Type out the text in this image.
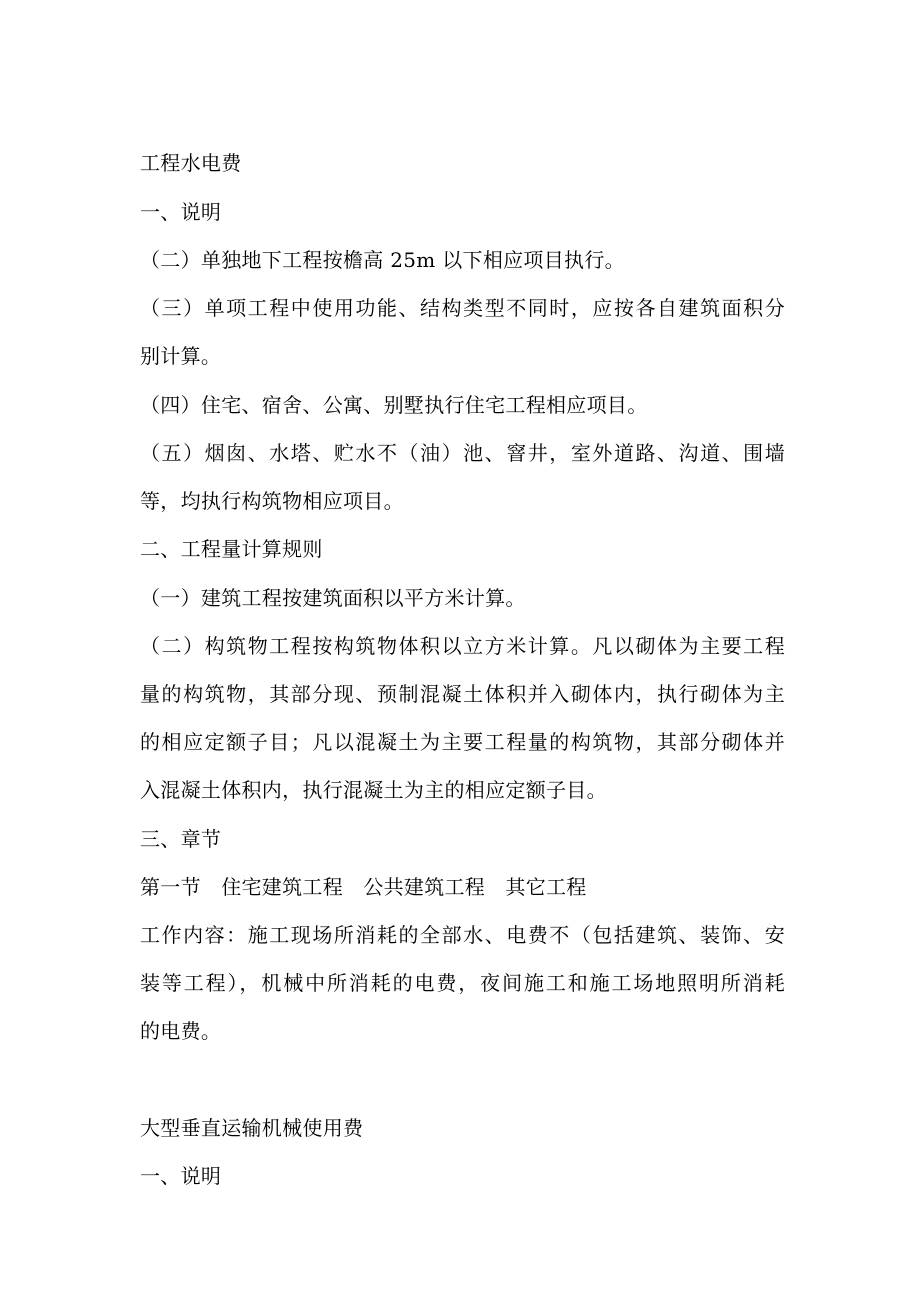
工程水电费
一、说明
（二）单独地下工程按檐高 25m 以下相应项目执行。
（三）单项工程中使用功能、结构类型不同时，应按各自建筑面积分
别计算。
（四）住宅、宿舍、公寓、别墅执行住宅工程相应项目。
（五）烟囱、水塔、贮水不（油）池、窨井，室外道路、沟道、围墙
等，均执行构筑物相应项目。
二、工程量计算规则
（一）建筑工程按建筑面积以平方米计算。
（二）构筑物工程按构筑物体积以立方米计算。凡以砌体为主要工程
量的构筑物，其部分现、预制混凝土体积并入砌体内，执行砌体为主
的相应定额子目；凡以混凝土为主要工程量的构筑物，其部分砌体并
入混凝土体积内，执行混凝土为主的相应定额子目。
三、章节
第一节　住宅建筑工程　公共建筑工程　其它工程
工作内容：施工现场所消耗的全部水、电费不（包括建筑、装饰、安
装等工程），机械中所消耗的电费，夜间施工和施工场地照明所消耗
的电费。
大型垂直运输机械使用费
一、说明
